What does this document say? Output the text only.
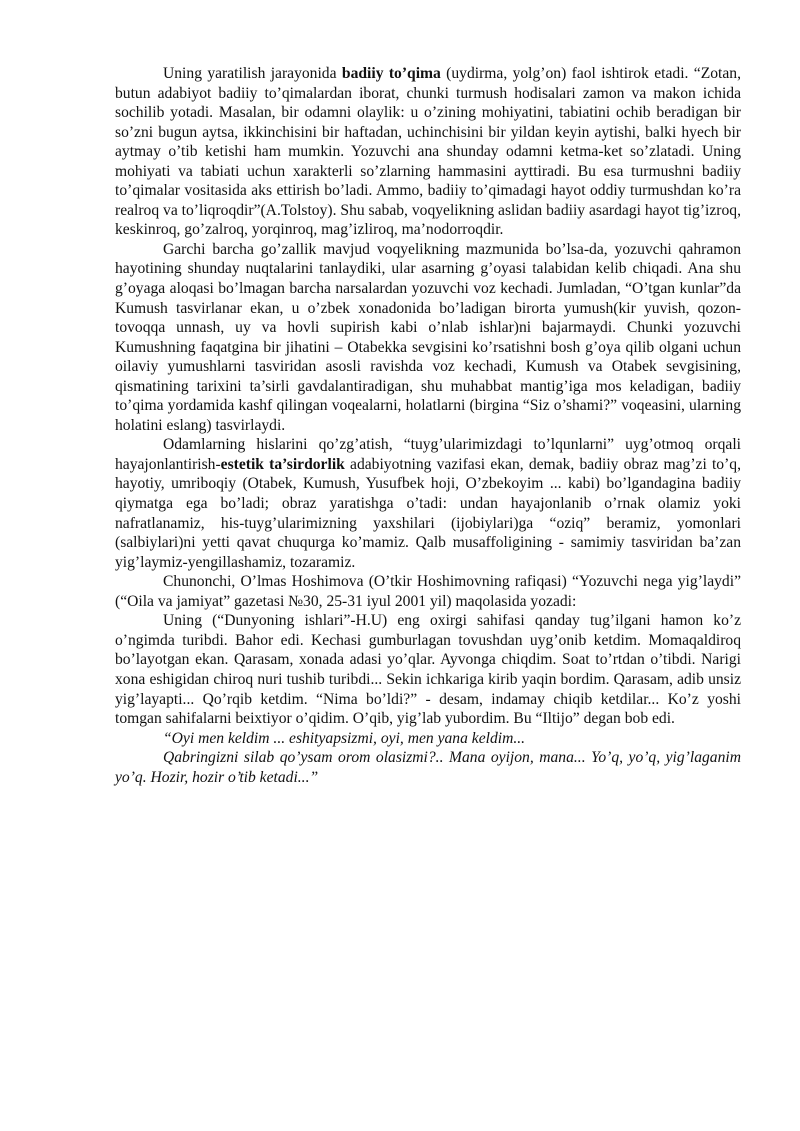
Uning yaratilish jarayonida badiiy to’qima (uydirma, yolg’on) faol ishtirok etadi. “Zotan, butun adabiyot badiiy to’qimalardan iborat, chunki turmush hodisalari zamon va makon ichida sochilib yotadi. Masalan, bir odamni olaylik: u o’zining mohiyatini, tabiatini ochib beradigan bir so’zni bugun aytsa, ikkinchisini bir haftadan, uchinchisini bir yildan keyin aytishi, balki hyech bir aytmay o’tib ketishi ham mumkin. Yozuvchi ana shunday odamni ketma-ket so’zlatadi. Uning mohiyati va tabiati uchun xarakterli so’zlarning hammasini ayttiradi. Bu esa turmushni badiiy to’qimalar vositasida aks ettirish bo’ladi. Ammo, badiiy to’qimadagi hayot oddiy turmushdan ko’ra realroq va to’liqroqdir”(A.Tolstoy). Shu sabab, voqyelikning aslidan badiiy asardagi hayot tig’izroq, keskinroq, go’zalroq, yorqinroq, mag’izliroq, ma’nodorroqdir.

Garchi barcha go’zallik mavjud voqyelikning mazmunida bo’lsa-da, yozuvchi qahramon hayotining shunday nuqtalarini tanlaydiki, ular asarning g’oyasi talabidan kelib chiqadi. Ana shu g’oyaga aloqasi bo’lmagan barcha narsalardan yozuvchi voz kechadi. Jumladan, “O’tgan kunlar”da Kumush tasvirlanar ekan, u o’zbek xonadonida bo’ladigan birorta yumush(kir yuvish, qozon-tovoqqa unnash, uy va hovli supirish kabi o’nlab ishlar)ni bajarmaydi. Chunki yozuvchi Kumushning faqatgina bir jihatini – Otabekka sevgisini ko’rsatishni bosh g’oya qilib olgani uchun oilaviy yumushlarni tasviridan asosli ravishda voz kechadi, Kumush va Otabek sevgisining, qismatining tarixini ta’sirli gavdalantiradigan, shu muhabbat mantig’iga mos keladigan, badiiy to’qima yordamida kashf qilingan voqealarni, holatlarni (birgina “Siz o’shami?” voqeasini, ularning holatini eslang) tasvirlaydi.

Odamlarning hislarini qo’zg’atish, “tuyg’ularimizdagi to’lqunlarni” uyg’otmoq orqali hayajonlantirish-estetik ta’sirdorlik adabiyotning vazifasi ekan, demak, badiiy obraz mag’zi to’q, hayotiy, umriboqiy (Otabek, Kumush, Yusufbek hoji, O’zbekoyim ... kabi) bo’lgandagina badiiy qiymatga ega bo’ladi; obraz yaratishga o’tadi: undan hayajonlanib o’rnak olamiz yoki nafratlanamiz, his-tuyg’ularimizning yaxshilari (ijobiylari)ga “oziq” beramiz, yomonlari (salbiylari)ni yetti qavat chuqurga ko’mamiz. Qalb musaffoligining - samimiy tasviridan ba’zan yig’laymiz-yengillashamiz, tozaramiz.

Chunonchi, O’lmas Hoshimova (O’tkir Hoshimovning rafiqasi) “Yozuvchi nega yig’laydi” (“Oila va jamiyat” gazetasi №30, 25-31 iyul 2001 yil) maqolasida yozadi:

Uning (“Dunyoning ishlari”-H.U) eng oxirgi sahifasi qanday tug’ilgani hamon ko’z o’ngimda turibdi. Bahor edi. Kechasi gumburlagan tovushdan uyg’onib ketdim. Momaqaldiroq bo’layotgan ekan. Qarasam, xonada adasi yo’qlar. Ayvonga chiqdim. Soat to’rtdan o’tibdi. Narigi xona eshigidan chiroq nuri tushib turibdi... Sekin ichkariga kirib yaqin bordim. Qarasam, adib unsiz yig’layapti... Qo’rqib ketdim. “Nima bo’ldi?” - desam, indamay chiqib ketdilar... Ko’z yoshi tomgan sahifalarni beixtiyor o’qidim. O’qib, yig’lab yubordim. Bu “Iltijo” degan bob edi.

“Oyi men keldim ... eshityapsizmi, oyi, men yana keldim...

Qabringizni silab qo’ysam orom olasizmi?.. Mana oyijon, mana... Yo’q, yo’q, yig’laganim yo’q. Hozir, hozir o’tib ketadi...”
